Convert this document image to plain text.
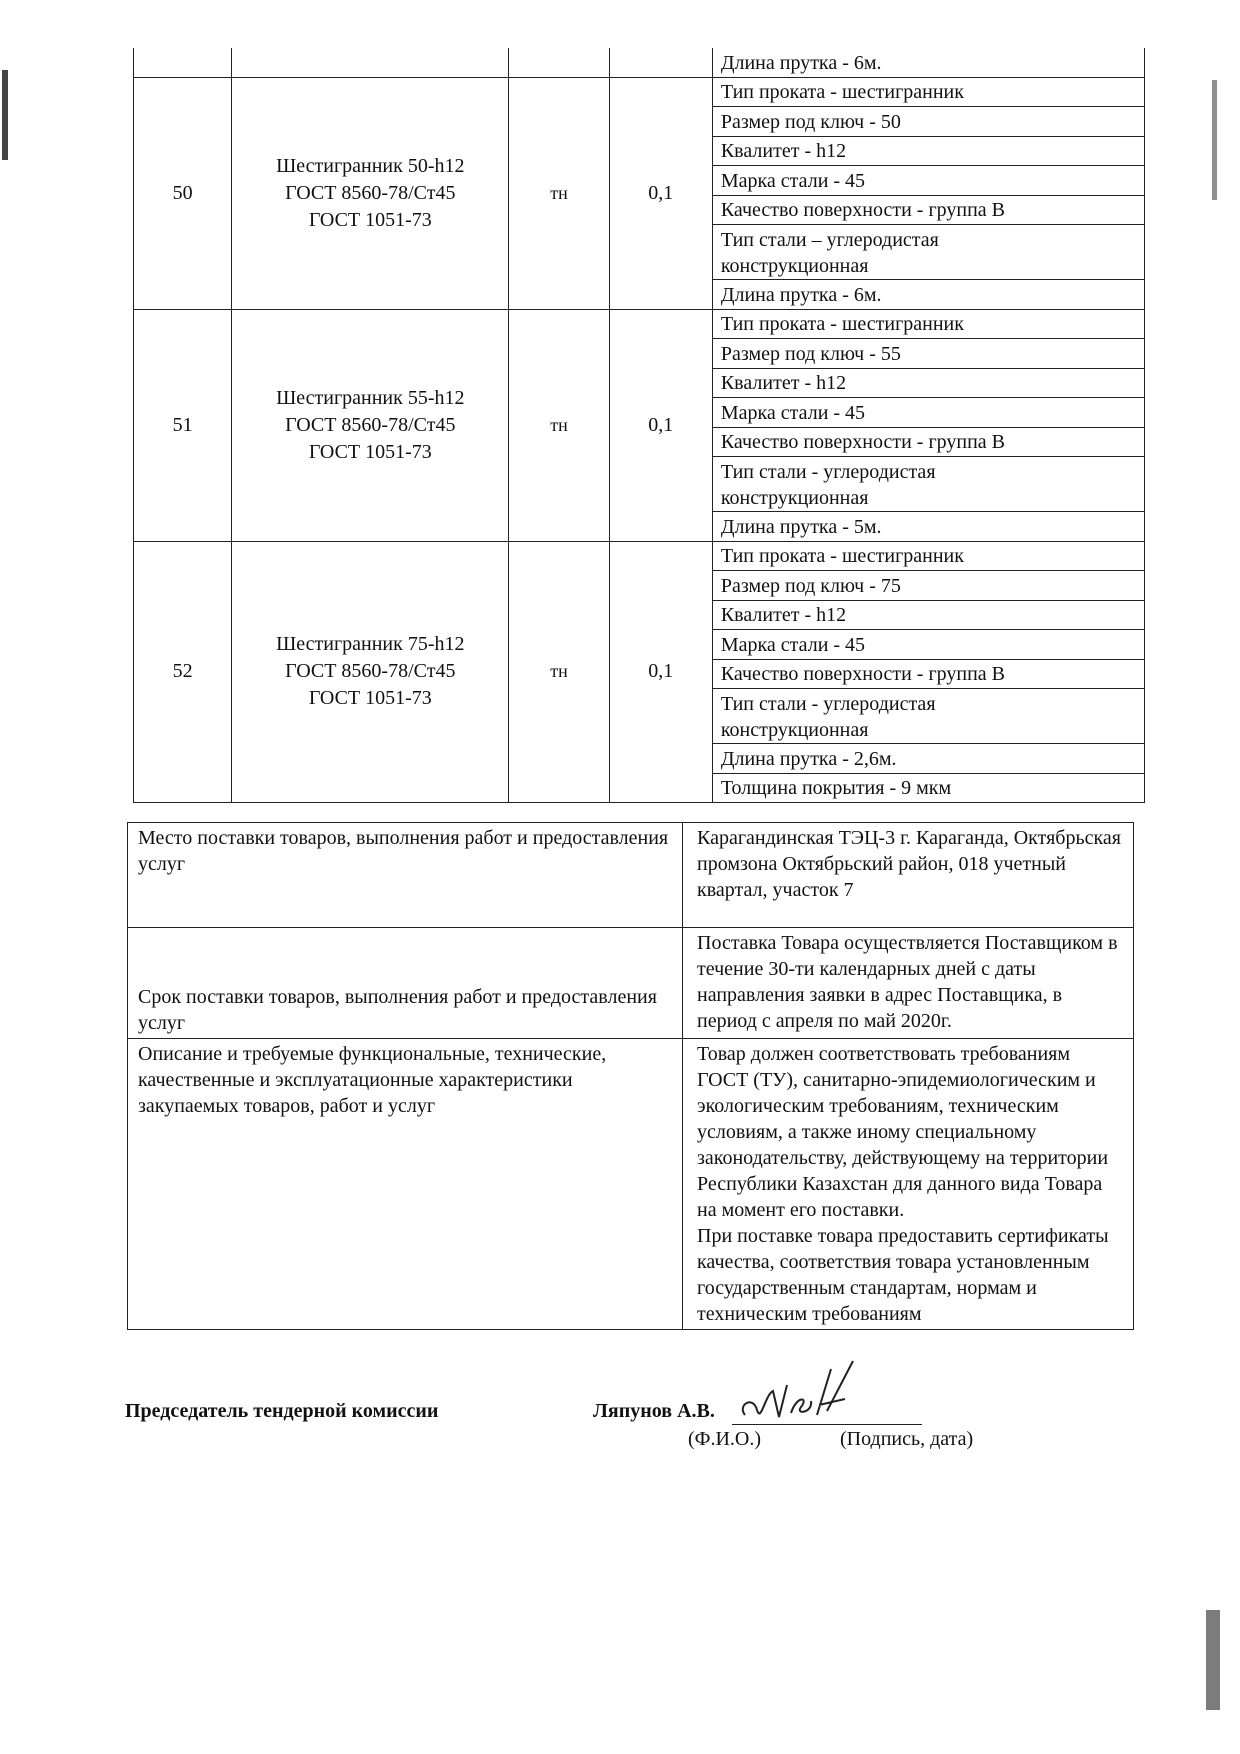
				Длина прутка - 6м.
50	Шестигранник 50-h12
ГОСТ 8560-78/Ст45
ГОСТ 1051-73	тн	0,1	Тип проката - шестигранник
				Размер под ключ - 50
				Квалитет - h12
				Марка стали - 45
				Качество поверхности - группа В
				Тип стали – углеродистая конструкционная
				Длина прутка - 6м.
51	Шестигранник 55-h12
ГОСТ 8560-78/Ст45
ГОСТ 1051-73	тн	0,1	Тип проката - шестигранник
				Размер под ключ - 55
				Квалитет - h12
				Марка стали - 45
				Качество поверхности - группа В
				Тип стали - углеродистая конструкционная
				Длина прутка - 5м.
52	Шестигранник 75-h12
ГОСТ 8560-78/Ст45
ГОСТ 1051-73	тн	0,1	Тип проката - шестигранник
				Размер под ключ - 75
				Квалитет - h12
				Марка стали - 45
				Качество поверхности - группа В
				Тип стали - углеродистая конструкционная
				Длина прутка - 2,6м.
				Толщина покрытия - 9 мкм
Место поставки товаров, выполнения работ и предоставления услуг	Карагандинская ТЭЦ-3 г. Караганда, Октябрьская промзона Октябрьский район, 018 учетный квартал, участок 7
Срок поставки товаров, выполнения работ и предоставления услуг	Поставка Товара осуществляется Поставщиком в течение 30-ти календарных дней с даты направления заявки в адрес Поставщика, в период с апреля по май 2020г.
Описание и требуемые функциональные, технические, качественные и эксплуатационные характеристики закупаемых товаров, работ и услуг	Товар должен соответствовать требованиям ГОСТ (ТУ), санитарно-эпидемиологическим и экологическим требованиям, техническим условиям, а также иному специальному законодательству, действующему на территории Республики Казахстан для данного вида Товара на момент его поставки.
При поставке товара предоставить сертификаты качества, соответствия товара установленным государственным стандартам, нормам и техническим требованиям
Председатель тендерной комиссии	Ляпунов А.В.
(Ф.И.О.)	(Подпись, дата)
